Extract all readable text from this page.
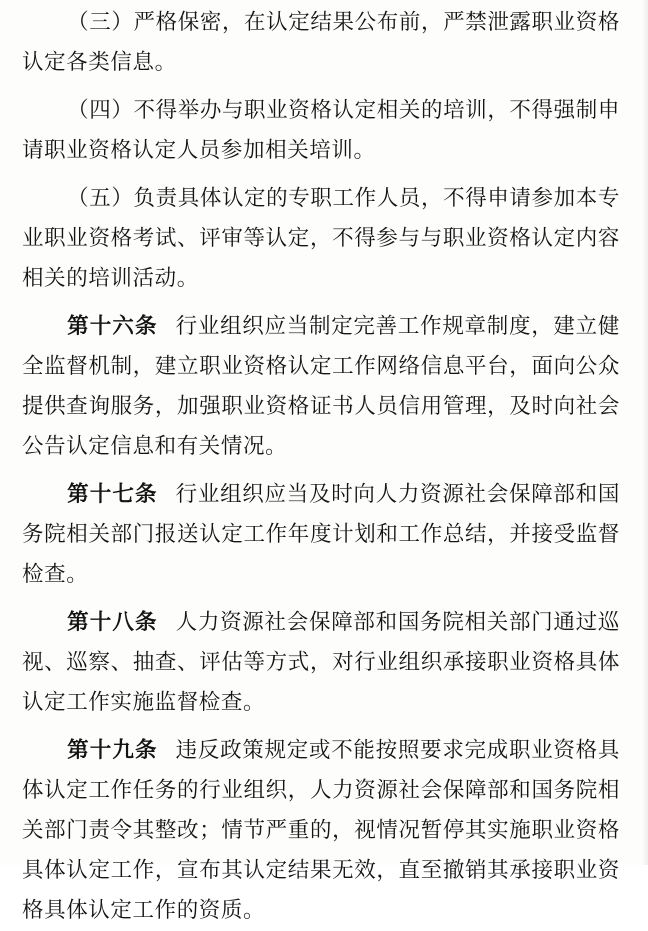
（三）严格保密，在认定结果公布前，严禁泄露职业资格认定各类信息。

（四）不得举办与职业资格认定相关的培训，不得强制申请职业资格认定人员参加相关培训。

（五）负责具体认定的专职工作人员，不得申请参加本专业职业资格考试、评审等认定，不得参与与职业资格认定内容相关的培训活动。

第十六条 行业组织应当制定完善工作规章制度，建立健全监督机制，建立职业资格认定工作网络信息平台，面向公众提供查询服务，加强职业资格证书人员信用管理，及时向社会公告认定信息和有关情况。

第十七条 行业组织应当及时向人力资源社会保障部和国务院相关部门报送认定工作年度计划和工作总结，并接受监督检查。

第十八条 人力资源社会保障部和国务院相关部门通过巡视、巡察、抽查、评估等方式，对行业组织承接职业资格具体认定工作实施监督检查。

第十九条 违反政策规定或不能按照要求完成职业资格具体认定工作任务的行业组织，人力资源社会保障部和国务院相关部门责令其整改；情节严重的，视情况暂停其实施职业资格具体认定工作，宣布其认定结果无效，直至撤销其承接职业资格具体认定工作的资质。
